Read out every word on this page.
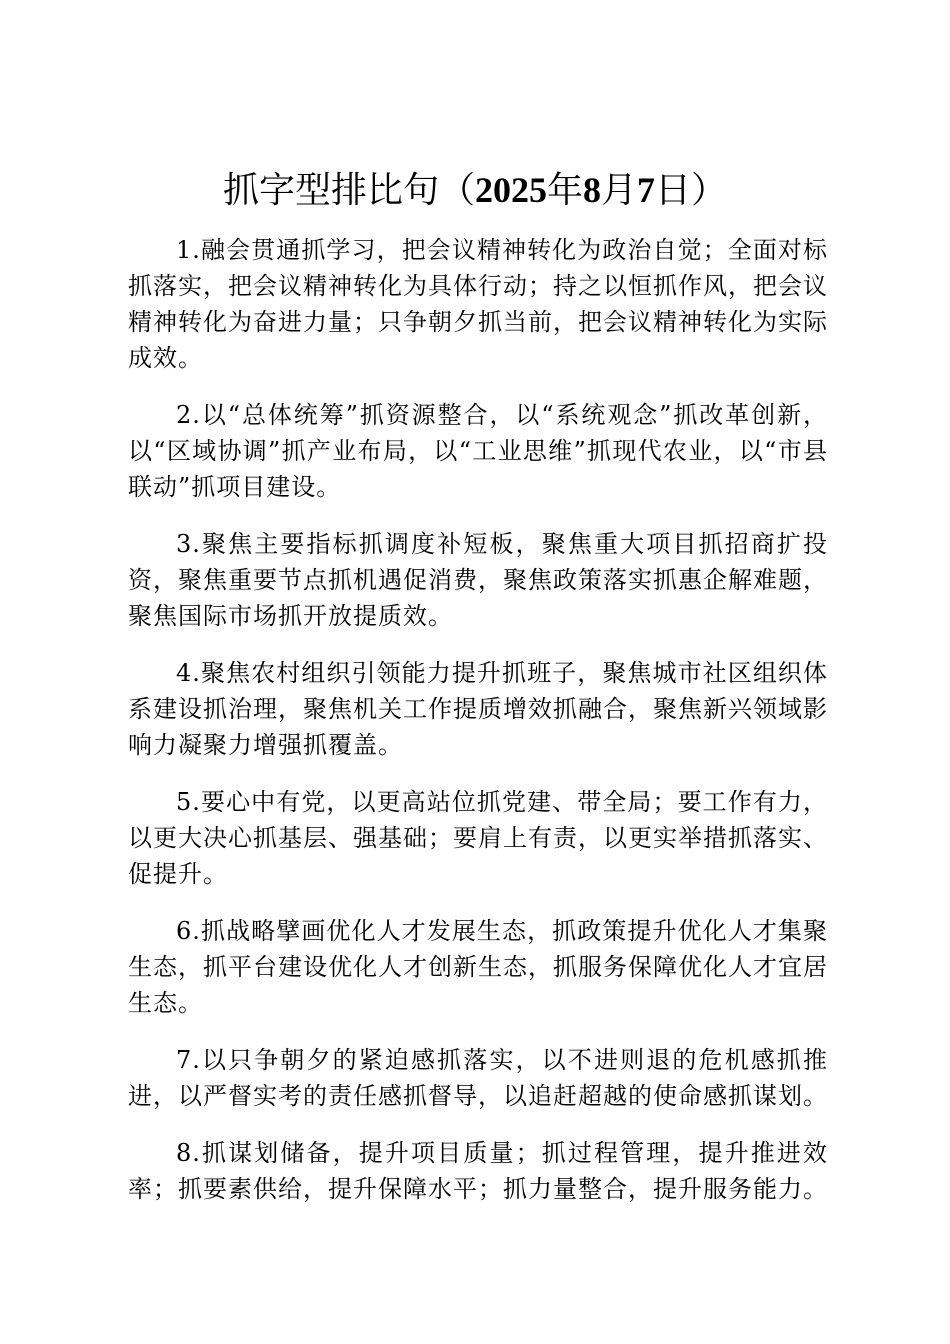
抓字型排比句（2025年8月7日）

1.融会贯通抓学习，把会议精神转化为政治自觉；全面对标抓落实，把会议精神转化为具体行动；持之以恒抓作风，把会议精神转化为奋进力量；只争朝夕抓当前，把会议精神转化为实际成效。

2.以“总体统筹”抓资源整合，以“系统观念”抓改革创新，以“区域协调”抓产业布局，以“工业思维”抓现代农业，以“市县联动”抓项目建设。

3.聚焦主要指标抓调度补短板，聚焦重大项目抓招商扩投资，聚焦重要节点抓机遇促消费，聚焦政策落实抓惠企解难题，聚焦国际市场抓开放提质效。

4.聚焦农村组织引领能力提升抓班子，聚焦城市社区组织体系建设抓治理，聚焦机关工作提质增效抓融合，聚焦新兴领域影响力凝聚力增强抓覆盖。

5.要心中有党，以更高站位抓党建、带全局；要工作有力，以更大决心抓基层、强基础；要肩上有责，以更实举措抓落实、促提升。

6.抓战略擘画优化人才发展生态，抓政策提升优化人才集聚生态，抓平台建设优化人才创新生态，抓服务保障优化人才宜居生态。

7.以只争朝夕的紧迫感抓落实，以不进则退的危机感抓推进，以严督实考的责任感抓督导，以追赶超越的使命感抓谋划。

8.抓谋划储备，提升项目质量；抓过程管理，提升推进效率；抓要素供给，提升保障水平；抓力量整合，提升服务能力。
